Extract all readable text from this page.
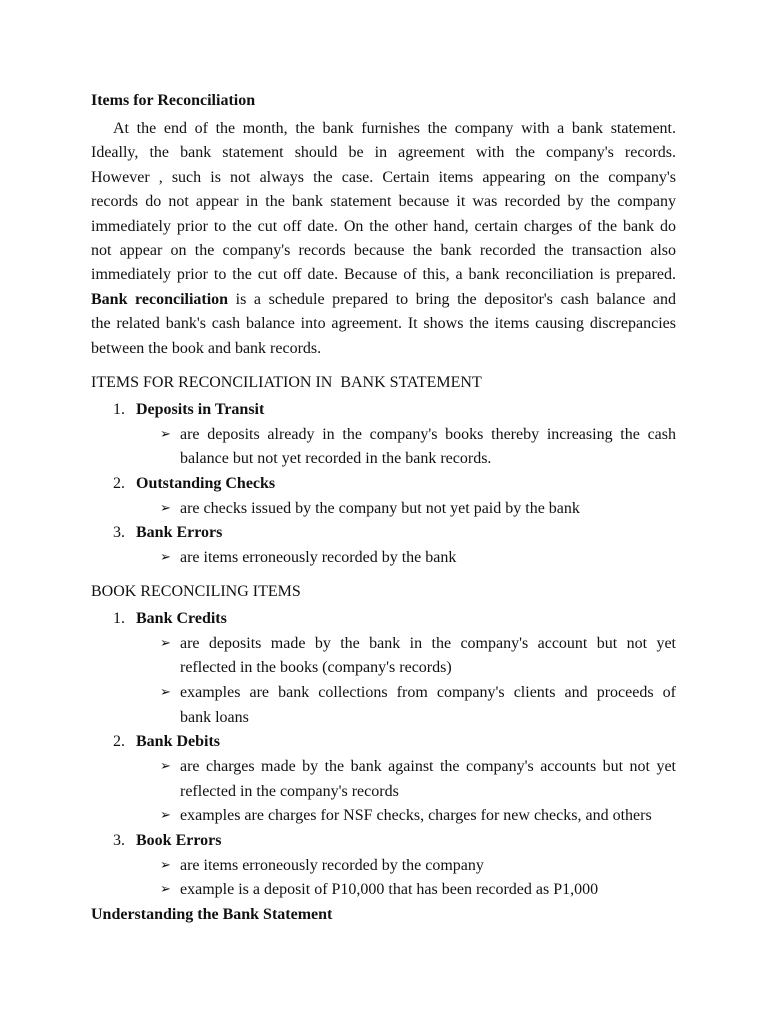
Items for Reconciliation
At the end of the month, the bank furnishes the company with a bank statement.
Ideally, the bank statement should be in agreement with the company's records.
However , such is not always the case. Certain items appearing on the company's
records do not appear in the bank statement because it was recorded by the company
immediately prior to the cut off date. On the other hand, certain charges of the bank do
not appear on the company's records because the bank recorded the transaction also
immediately prior to the cut off date. Because of this, a bank reconciliation is prepared.
Bank reconciliation is a schedule prepared to bring the depositor's cash balance and
the related bank's cash balance into agreement. It shows the items causing discrepancies
between the book and bank records.
ITEMS FOR RECONCILIATION IN  BANK STATEMENT
1. Deposits in Transit
➢ are deposits already in the company's books thereby increasing the cash
balance but not yet recorded in the bank records.
2. Outstanding Checks
➢ are checks issued by the company but not yet paid by the bank
3. Bank Errors
➢ are items erroneously recorded by the bank
BOOK RECONCILING ITEMS
1. Bank Credits
➢ are deposits made by the bank in the company's account but not yet
reflected in the books (company's records)
➢ examples are bank collections from company's clients and proceeds of
bank loans
2. Bank Debits
➢ are charges made by the bank against the company's accounts but not yet
reflected in the company's records
➢ examples are charges for NSF checks, charges for new checks, and others
3. Book Errors
➢ are items erroneously recorded by the company
➢ example is a deposit of P10,000 that has been recorded as P1,000
Understanding the Bank Statement
